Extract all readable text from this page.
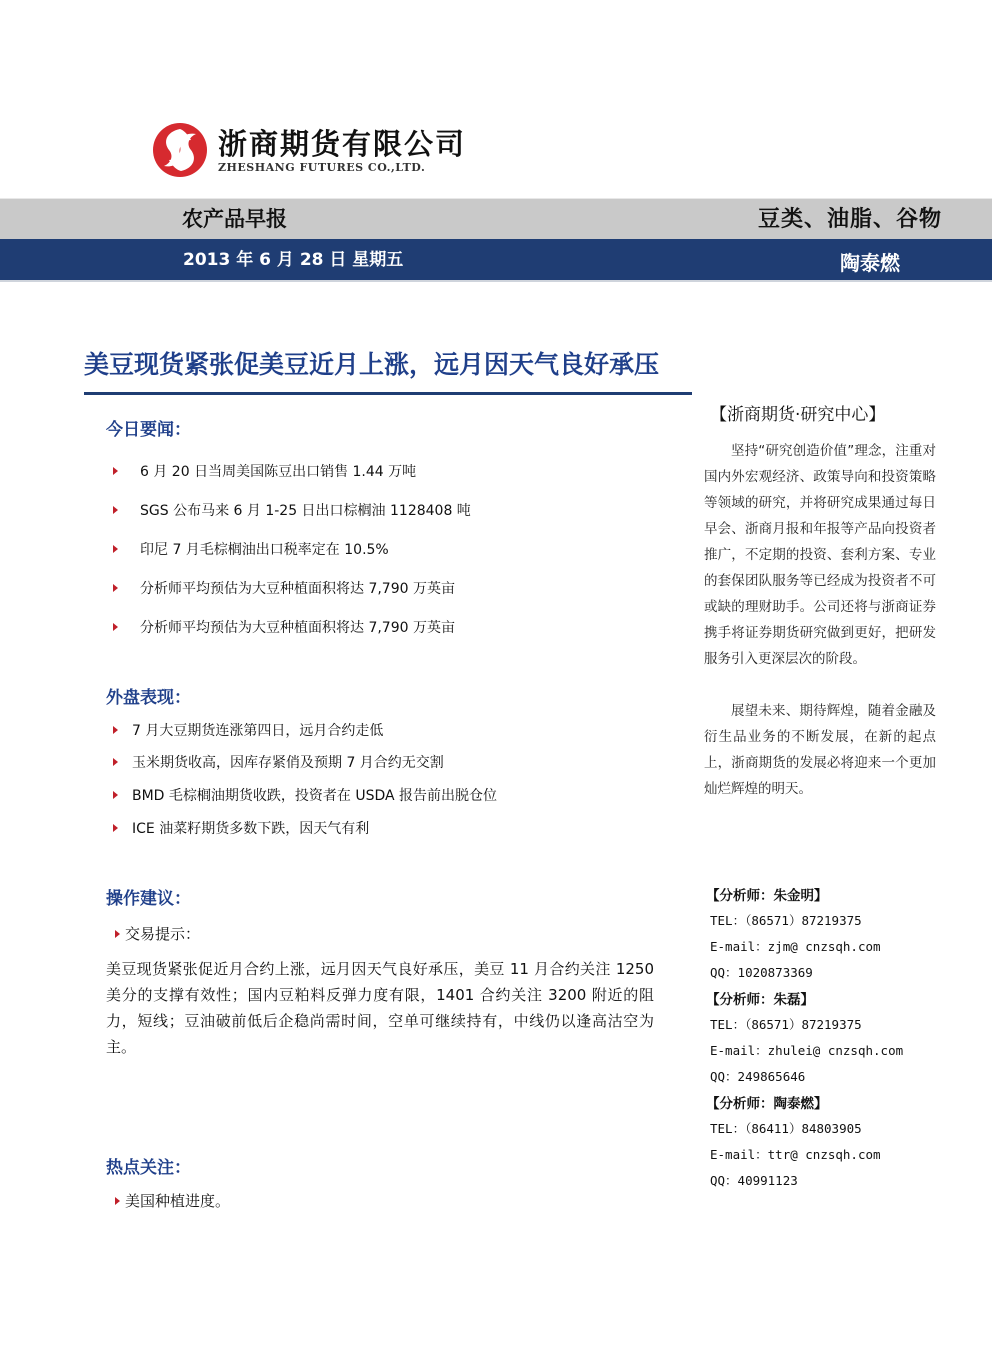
浙商期货有限公司
ZHESHANG FUTURES CO.,LTD.
农产品早报	豆类、油脂、谷物
2013 年 6 月 28 日 星期五	陶泰燃
美豆现货紧张促美豆近月上涨，远月因天气良好承压
今日要闻：
6 月 20 日当周美国陈豆出口销售 1.44 万吨
SGS 公布马来 6 月 1-25 日出口棕榈油 1128408 吨
印尼 7 月毛棕榈油出口税率定在 10.5%
分析师平均预估为大豆种植面积将达 7,790 万英亩
分析师平均预估为大豆种植面积将达 7,790 万英亩
外盘表现：
7 月大豆期货连涨第四日，远月合约走低
玉米期货收高，因库存紧俏及预期 7 月合约无交割
BMD 毛棕榈油期货收跌，投资者在 USDA 报告前出脱仓位
ICE 油菜籽期货多数下跌，因天气有利
操作建议：
交易提示：
美豆现货紧张促近月合约上涨，远月因天气良好承压，美豆 11 月合约关注 1250 美分的支撑有效性；国内豆粕料反弹力度有限，1401 合约关注 3200 附近的阻力，短线；豆油破前低后企稳尚需时间，空单可继续持有，中线仍以逢高沽空为主。
热点关注：
美国种植进度。
【浙商期货·研究中心】
坚持“研究创造价值”理念，注重对国内外宏观经济、政策导向和投资策略等领域的研究，并将研究成果通过每日早会、浙商月报和年报等产品向投资者推广，不定期的投资、套利方案、专业的套保团队服务等已经成为投资者不可或缺的理财助手。公司还将与浙商证券携手将证券期货研究做到更好，把研发服务引入更深层次的阶段。
展望未来、期待辉煌，随着金融及衍生品业务的不断发展，在新的起点上，浙商期货的发展必将迎来一个更加灿烂辉煌的明天。
【分析师：朱金明】
TEL：（86571）87219375
E-mail：zjm@ cnzsqh.com
QQ：1020873369
【分析师：朱磊】
TEL：（86571）87219375
E-mail：zhulei@ cnzsqh.com
QQ：249865646
【分析师：陶泰燃】
TEL：（86411）84803905
E-mail：ttr@ cnzsqh.com
QQ：40991123
